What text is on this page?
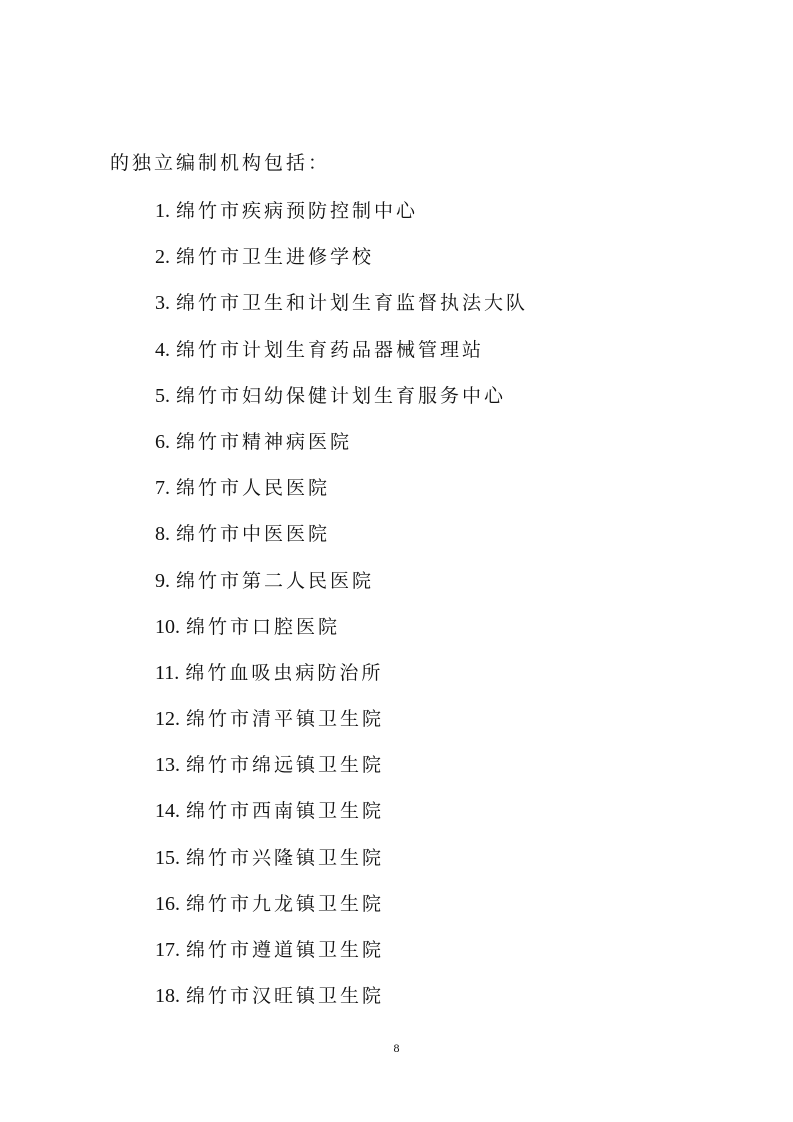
的独立编制机构包括：
1. 绵竹市疾病预防控制中心
2. 绵竹市卫生进修学校
3. 绵竹市卫生和计划生育监督执法大队
4. 绵竹市计划生育药品器械管理站
5. 绵竹市妇幼保健计划生育服务中心
6. 绵竹市精神病医院
7. 绵竹市人民医院
8. 绵竹市中医医院
9. 绵竹市第二人民医院
10. 绵竹市口腔医院
11. 绵竹血吸虫病防治所
12. 绵竹市清平镇卫生院
13. 绵竹市绵远镇卫生院
14. 绵竹市西南镇卫生院
15. 绵竹市兴隆镇卫生院
16. 绵竹市九龙镇卫生院
17. 绵竹市遵道镇卫生院
18. 绵竹市汉旺镇卫生院
8
